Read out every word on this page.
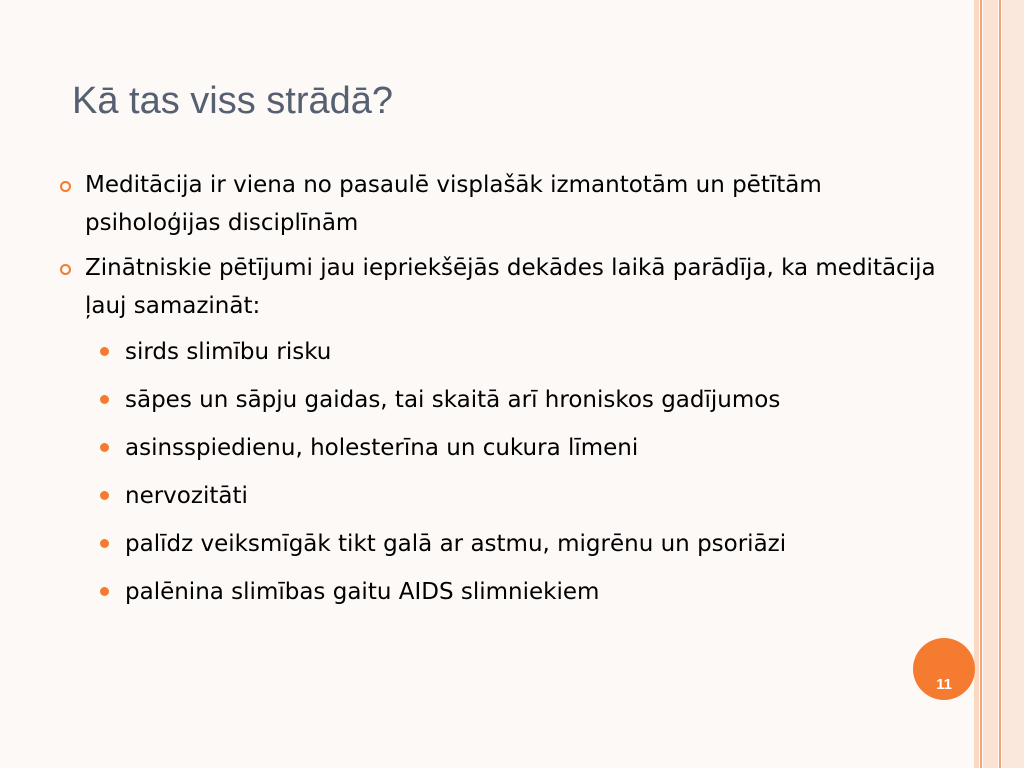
Kā tas viss strādā?
Meditācija ir viena no pasaulē visplašāk izmantotām un pētītām psiholoģijas disciplīnām
Zinātniskie pētījumi jau iepriekšējās dekādes laikā parādīja, ka meditācija ļauj samazināt:
sirds slimību risku
sāpes un sāpju gaidas, tai skaitā arī hroniskos gadījumos
asinsspiedienu, holesterīna un cukura līmeni
nervozitāti
palīdz veiksmīgāk tikt galā ar astmu, migrēnu un psoriāzi
palēnina slimības gaitu AIDS slimniekiem
11
